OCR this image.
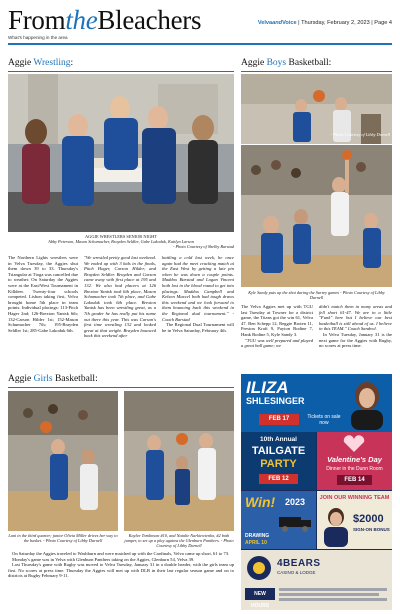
FromtheBleachers
What's happening in the area
VelvaandVoice | Thursday, February 2, 2023 | Page 4
Aggie Wrestling:
AGGIE WRESTLERS SENIOR NIGHT
Abby Peterson, Mason Schumacher, Brayden Seldler, Gabe Lakoduk, Kaitlyn Larson
- Photo Courtesy of Shelby Barstad
The Northern Lights wrestlers were in Velva Tuesday, the Aggies shut them down 39 to 33. Thursday's Triangular at Tioga was cancelled due to weather. On Saturday the Aggies were at the East/West Tournament in Killdeer. Twenty-four schools competed. Lisbon taking first, Velva brought home 5th place in team points. Individual placings: 113-Pitch Hager 2nd; 126-Brexton Yantsk 6th; 132-Carson Hilder 1st; 152-Mason Schumacher 7th; 195-Brayden Seldler 1st; 285-Gabe Lakoduk 6th.
"We wrestled pretty good last weekend. We ended up with 3 kids in the finals, Pitch Hager, Carson Hilder, and Brayden Seldler. Brayden and Carson came away with first place at 195 and 132. We also had placers at 126 Brexton Yantsk took 6th place, Mason Schumacher took 7th place, and Gabe Lakoduk took 6th place. Brexton Yantsk has been wrestling great, as a 7th grader he has really put his name out there this year. This was Carson's first time wrestling 132 and looked great at that weight. Brayden bounced back this weekend after

battling a cold last week, he once again had the meet cracking match at the East West by getting a late pin when he was down a couple points. Maddox Barstad and Logan Vincent both lost in the blood round to get into placings. Maddox Campbell and Kelson Maxcel both had tough draws this weekend and we look forward to them bouncing back this weekend in the Regional dual tournament." - Coach Barstad

The Regional Dual Tournament will be in Velva Saturday, February 4th.

Aggie Boys Basketball:
- Photo Courtesy of Libby Darnell
Kyle Sandy puts up the shot during the Surrey games - Photo Courtesy of Libby Darnell

The Velva Aggies met up with TGU last Tuesday at Towner for a district game, the Titans got the win 61, Velva 47. Ben Schepp 12, Reggie Broten 11, Preston Kraft 9, Payton Bodine 7, Hank Bodine 5, Kyle Sandy 3.

"TGU was well prepared and played a great ball game; we

didn't match them in many areas and fell short 61-47. We are in a little "Funk" here but I believe our best basketball is still ahead of us. I believe in this TEAM." Coach Sandvol.

In Velva Tuesday, January 31 is the next game for the Aggies with Rugby, no scores at press time.

Aggie Girls Basketball:
Lani in the third quarter; junior Olivia Miller drives her way to the basket. - Photo Courtesy of Libby Darnell
Kaylee Tomlinson #10, and Natalie Narkiewienko, #2 both jumper, to set up a play against the Glenburn Panthers. - Photo Courtesy of Libby Darnell

On Saturday the Aggies traveled to Washburn and were matched up with the Cardinals, Velva came up short, 61 to 73.

Monday's game was in Velva with Glenburn Panthers taking on the Aggies, Glenburn 54, Velva 39.

Last Thursday's game with Rugby was moved to Velva Tuesday, January 31 in a double header, with the girls team up first. No scores at press time. Thursday the Aggies will met up with DLB in their last regular season game and on to districts at Rugby February 9-11.

ILIZA
SHLESINGER
FEB 17	Tickets on sale now
10th Annual
TAILGATE
PARTY
FEB 12
Valentine's Day
Dinner in the Dunn Room
FEB 14
Win! 2023
DRAWING
APRIL 10
JOIN OUR WINNING TEAM
$2000
SIGN-ON BONUS
4BEARS
CASINO & LODGE
NEW HOURS
